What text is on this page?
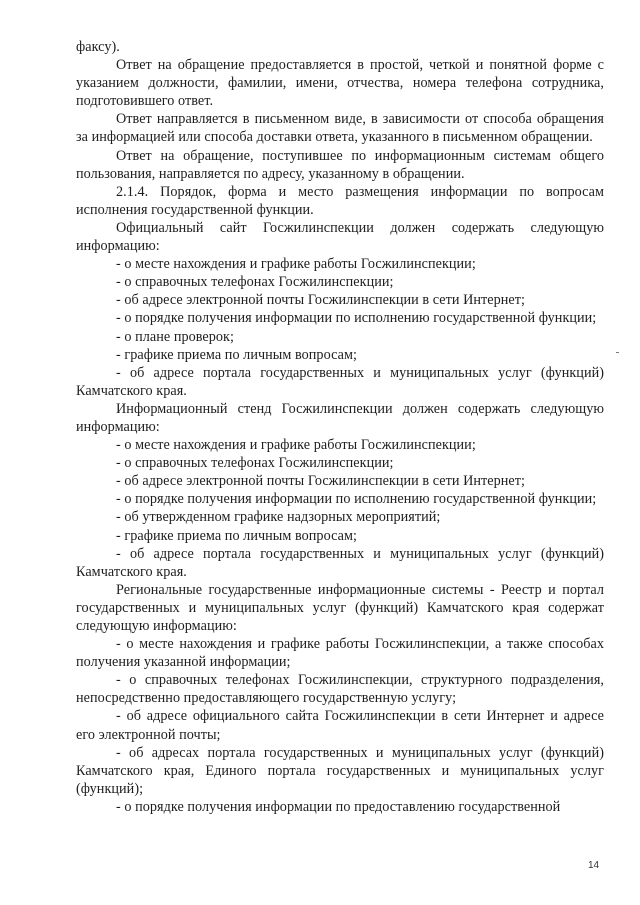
факсу).

Ответ на обращение предоставляется в простой, четкой и понятной форме с указанием должности, фамилии, имени, отчества, номера телефона сотрудника, подготовившего ответ.

Ответ направляется в письменном виде, в зависимости от способа обращения за информацией или способа доставки ответа, указанного в письменном обращении.

Ответ на обращение, поступившее по информационным системам общего пользования, направляется по адресу, указанному в обращении.

2.1.4. Порядок, форма и место размещения информации по вопросам исполнения государственной функции.

Официальный сайт Госжилинспекции должен содержать следующую информацию:

- о месте нахождения и графике работы Госжилинспекции;

- о справочных телефонах Госжилинспекции;

- об адресе электронной почты Госжилинспекции в сети Интернет;

- о порядке получения информации по исполнению государственной функции;

- о плане проверок;

- графике приема по личным вопросам;

- об адресе портала государственных и муниципальных услуг (функций) Камчатского края.

Информационный стенд Госжилинспекции должен содержать следующую информацию:

- о месте нахождения и графике работы Госжилинспекции;

- о справочных телефонах Госжилинспекции;

- об адресе электронной почты Госжилинспекции в сети Интернет;

- о порядке получения информации по исполнению государственной функции;

- об утвержденном графике надзорных мероприятий;

- графике приема по личным вопросам;

- об адресе портала государственных и муниципальных услуг (функций) Камчатского края.

Региональные государственные информационные системы - Реестр и портал государственных и муниципальных услуг (функций) Камчатского края содержат следующую информацию:

- о месте нахождения и графике работы Госжилинспекции, а также способах получения указанной информации;

- о справочных телефонах Госжилинспекции, структурного подразделения, непосредственно предоставляющего государственную услугу;

- об адресе официального сайта Госжилинспекции в сети Интернет и адресе его электронной почты;

- об адресах портала государственных и муниципальных услуг (функций) Камчатского края, Единого портала государственных и муниципальных услуг (функций);

- о порядке получения информации по предоставлению государственной

14
